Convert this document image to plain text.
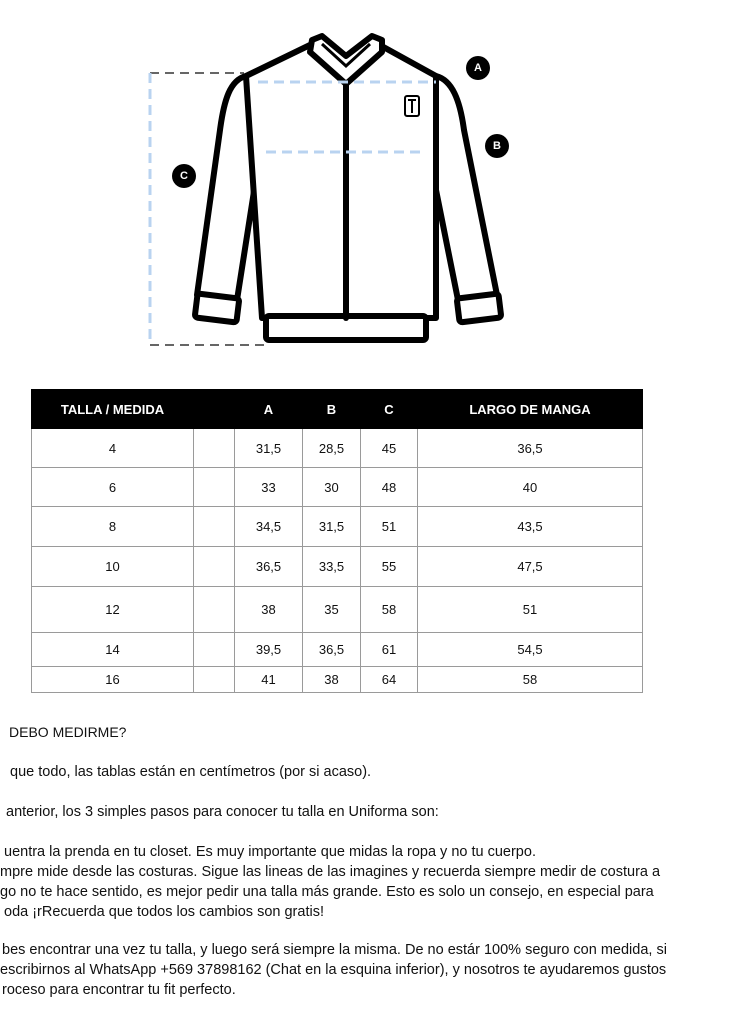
A
B
C
TALLA / MEDIDA		A	B	C	LARGO DE MANGA
4		31,5	28,5	45	36,5
6		33	30	48	40
8		34,5	31,5	51	43,5
10		36,5	33,5	55	47,5
12		38	35	58	51
14		39,5	36,5	61	54,5
16		41	38	64	58
DEBO MEDIRME?
que todo, las tablas están en centímetros (por si acaso).
anterior, los 3 simples pasos para conocer tu talla en Uniforma son:
uentra la prenda en tu closet. Es muy importante que midas la ropa y no tu cuerpo.
mpre mide desde las costuras. Sigue las lineas de las imagines y recuerda siempre medir de costura a
go no te hace sentido, es mejor pedir una talla más grande. Esto es solo un consejo, en especial para
oda ¡rRecuerda que todos los cambios son gratis!
bes encontrar una vez tu talla, y luego será siempre la misma. De no estár 100% seguro con medida, si
escribirnos al WhatsApp +569 37898162 (Chat en la esquina inferior), y nosotros te ayudaremos gustos
roceso para encontrar tu fit perfecto.
